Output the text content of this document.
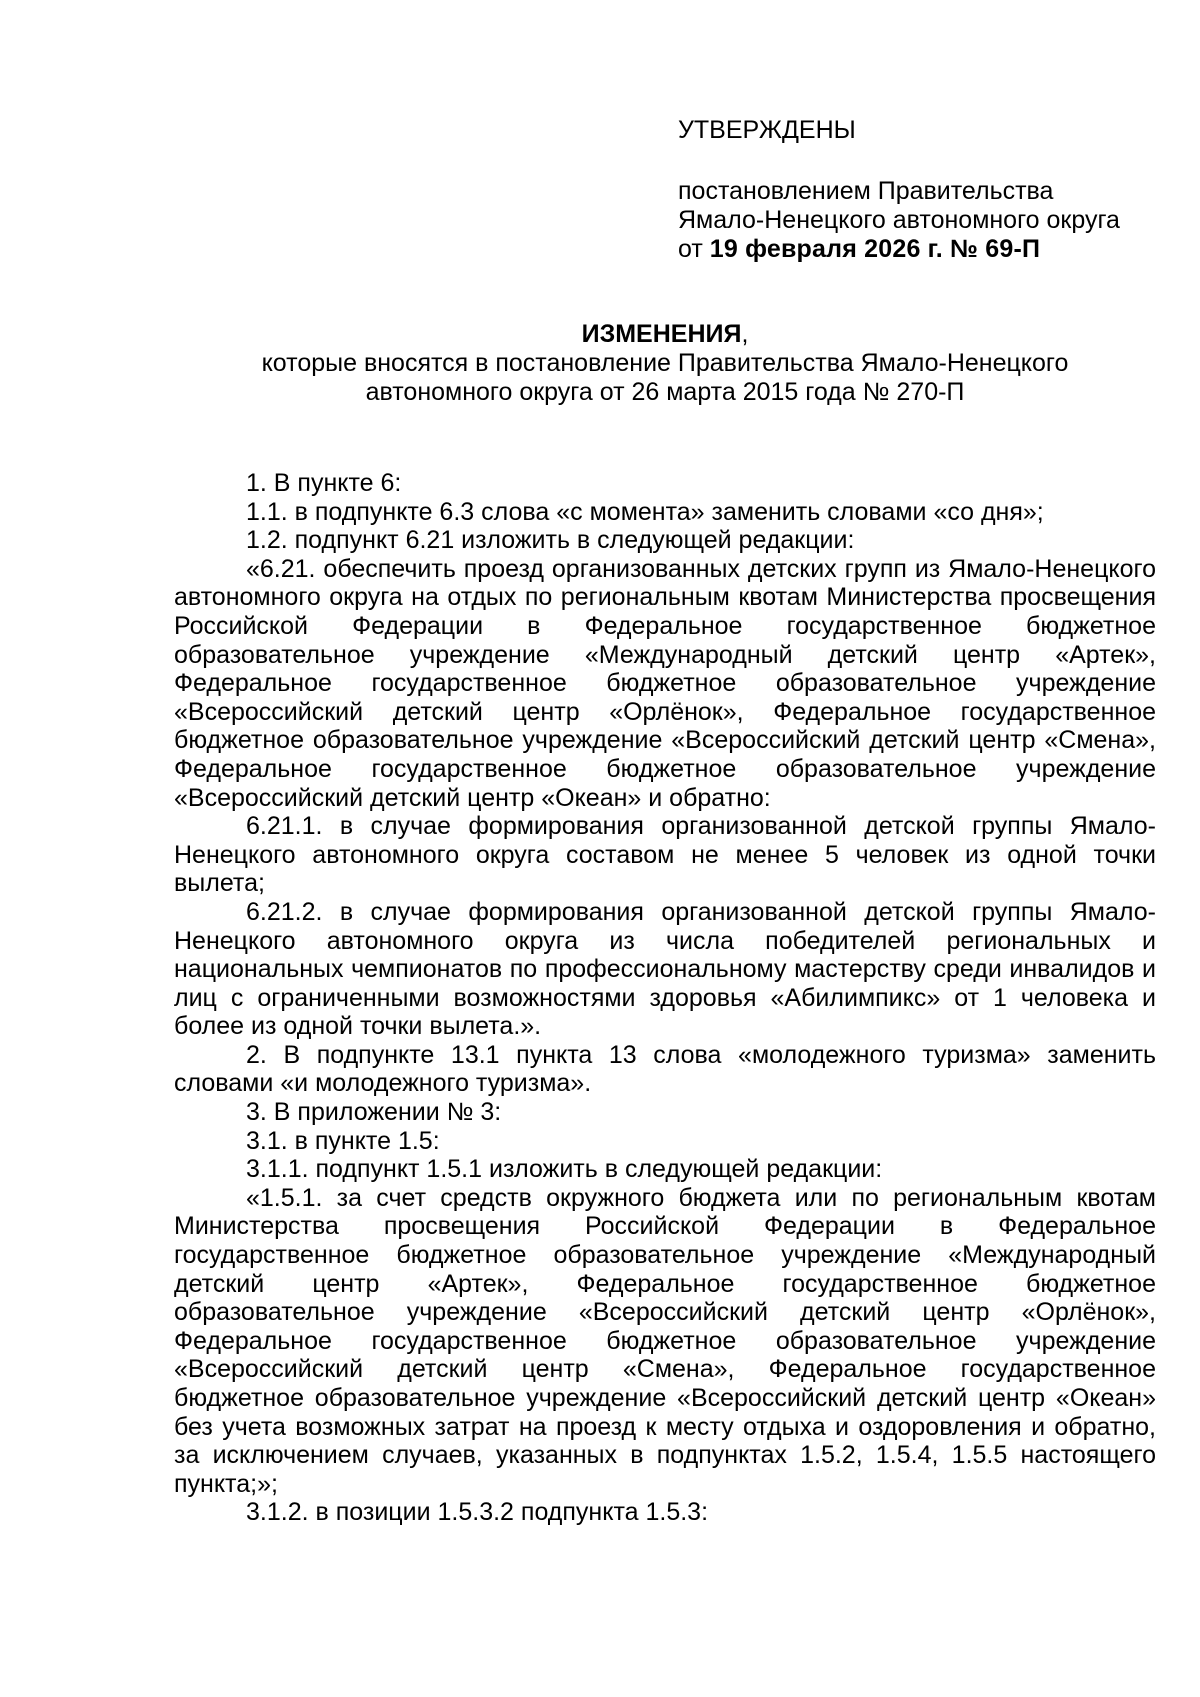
УТВЕРЖДЕНЫ

постановлением Правительства

Ямало-Ненецкого автономного округа

от 19 февраля 2026 г. № 69-П

ИЗМЕНЕНИЯ,

которые вносятся в постановление Правительства Ямало-Ненецкого

автономного округа от 26 марта 2015 года № 270-П

1. В пункте 6:

1.1. в подпункте 6.3 слова «с момента» заменить словами «со дня»;

1.2. подпункт 6.21 изложить в следующей редакции:

«6.21. обеспечить проезд организованных детских групп из Ямало-Ненецкого автономного округа на отдых по региональным квотам Министерства просвещения Российской Федерации в Федеральное государственное бюджетное образовательное учреждение «Международный детский центр «Артек», Федеральное государственное бюджетное образовательное учреждение «Всероссийский детский центр «Орлёнок», Федеральное государственное бюджетное образовательное учреждение «Всероссийский детский центр «Смена», Федеральное государственное бюджетное образовательное учреждение «Всероссийский детский центр «Океан» и обратно:

6.21.1. в случае формирования организованной детской группы Ямало-Ненецкого автономного округа составом не менее 5 человек из одной точки вылета;

6.21.2. в случае формирования организованной детской группы Ямало-Ненецкого автономного округа из числа победителей региональных и национальных чемпионатов по профессиональному мастерству среди инвалидов и лиц с ограниченными возможностями здоровья «Абилимпикс» от 1 человека и более из одной точки вылета.».

2. В подпункте 13.1 пункта 13 слова «молодежного туризма» заменить словами «и молодежного туризма».

3. В приложении № 3:

3.1. в пункте 1.5:

3.1.1. подпункт 1.5.1 изложить в следующей редакции:

«1.5.1. за счет средств окружного бюджета или по региональным квотам Министерства просвещения Российской Федерации в Федеральное государственное бюджетное образовательное учреждение «Международный детский центр «Артек», Федеральное государственное бюджетное образовательное учреждение «Всероссийский детский центр «Орлёнок», Федеральное государственное бюджетное образовательное учреждение «Всероссийский детский центр «Смена», Федеральное государственное бюджетное образовательное учреждение «Всероссийский детский центр «Океан» без учета возможных затрат на проезд к месту отдыха и оздоровления и обратно, за исключением случаев, указанных в подпунктах 1.5.2, 1.5.4, 1.5.5 настоящего пункта;»;

3.1.2. в позиции 1.5.3.2 подпункта 1.5.3:
